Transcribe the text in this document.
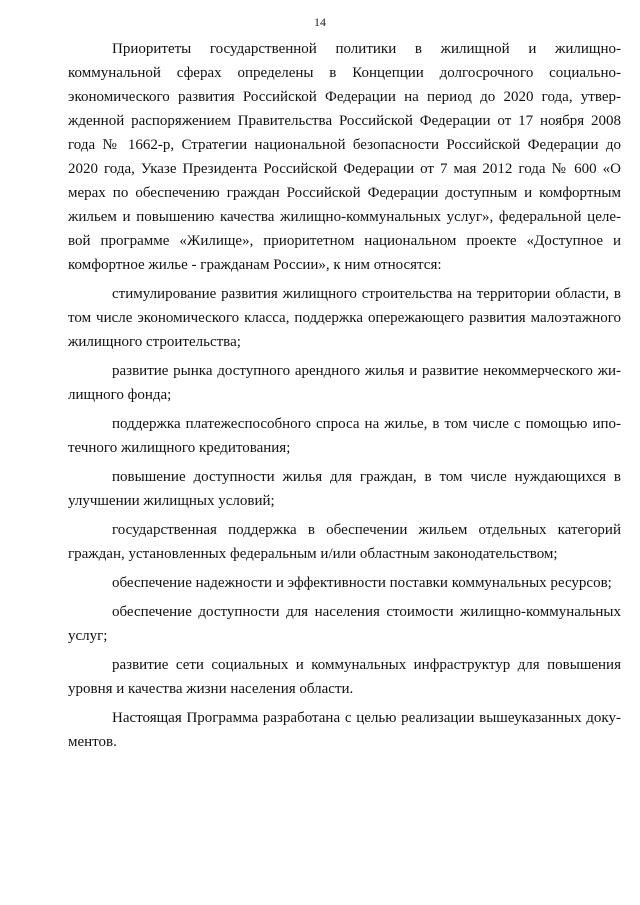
14

Приоритеты государственной политики в жилищной и жилищно-коммунальной сферах определены в Концепции долгосрочного социально-экономического развития Российской Федерации на период до 2020 года, утвержденной распоряжением Правительства Российской Федерации от 17 ноября 2008 года № 1662-р, Стратегии национальной безопасности Российской Федерации до 2020 года, Указе Президента Российской Федерации от 7 мая 2012 года № 600 «О мерах по обеспечению граждан Российской Федерации доступным и комфортным жильем и повышению качества жилищно-коммунальных услуг», федеральной целевой программе «Жилище», приоритетном национальном проекте «Доступное и комфортное жилье - гражданам России», к ним относятся:

стимулирование развития жилищного строительства на территории области, в том числе экономического класса, поддержка опережающего развития малоэтажного жилищного строительства;

развитие рынка доступного арендного жилья и развитие некоммерческого жилищного фонда;

поддержка платежеспособного спроса на жилье, в том числе с помощью ипотечного жилищного кредитования;

повышение доступности жилья для граждан, в том числе нуждающихся в улучшении жилищных условий;

государственная поддержка в обеспечении жильем отдельных категорий граждан, установленных федеральным и/или областным законодательством;

обеспечение надежности и эффективности поставки коммунальных ресурсов;

обеспечение доступности для населения стоимости жилищно-коммунальных услуг;

развитие сети социальных и коммунальных инфраструктур для повышения уровня и качества жизни населения области.

Настоящая Программа разработана с целью реализации вышеуказанных документов.
